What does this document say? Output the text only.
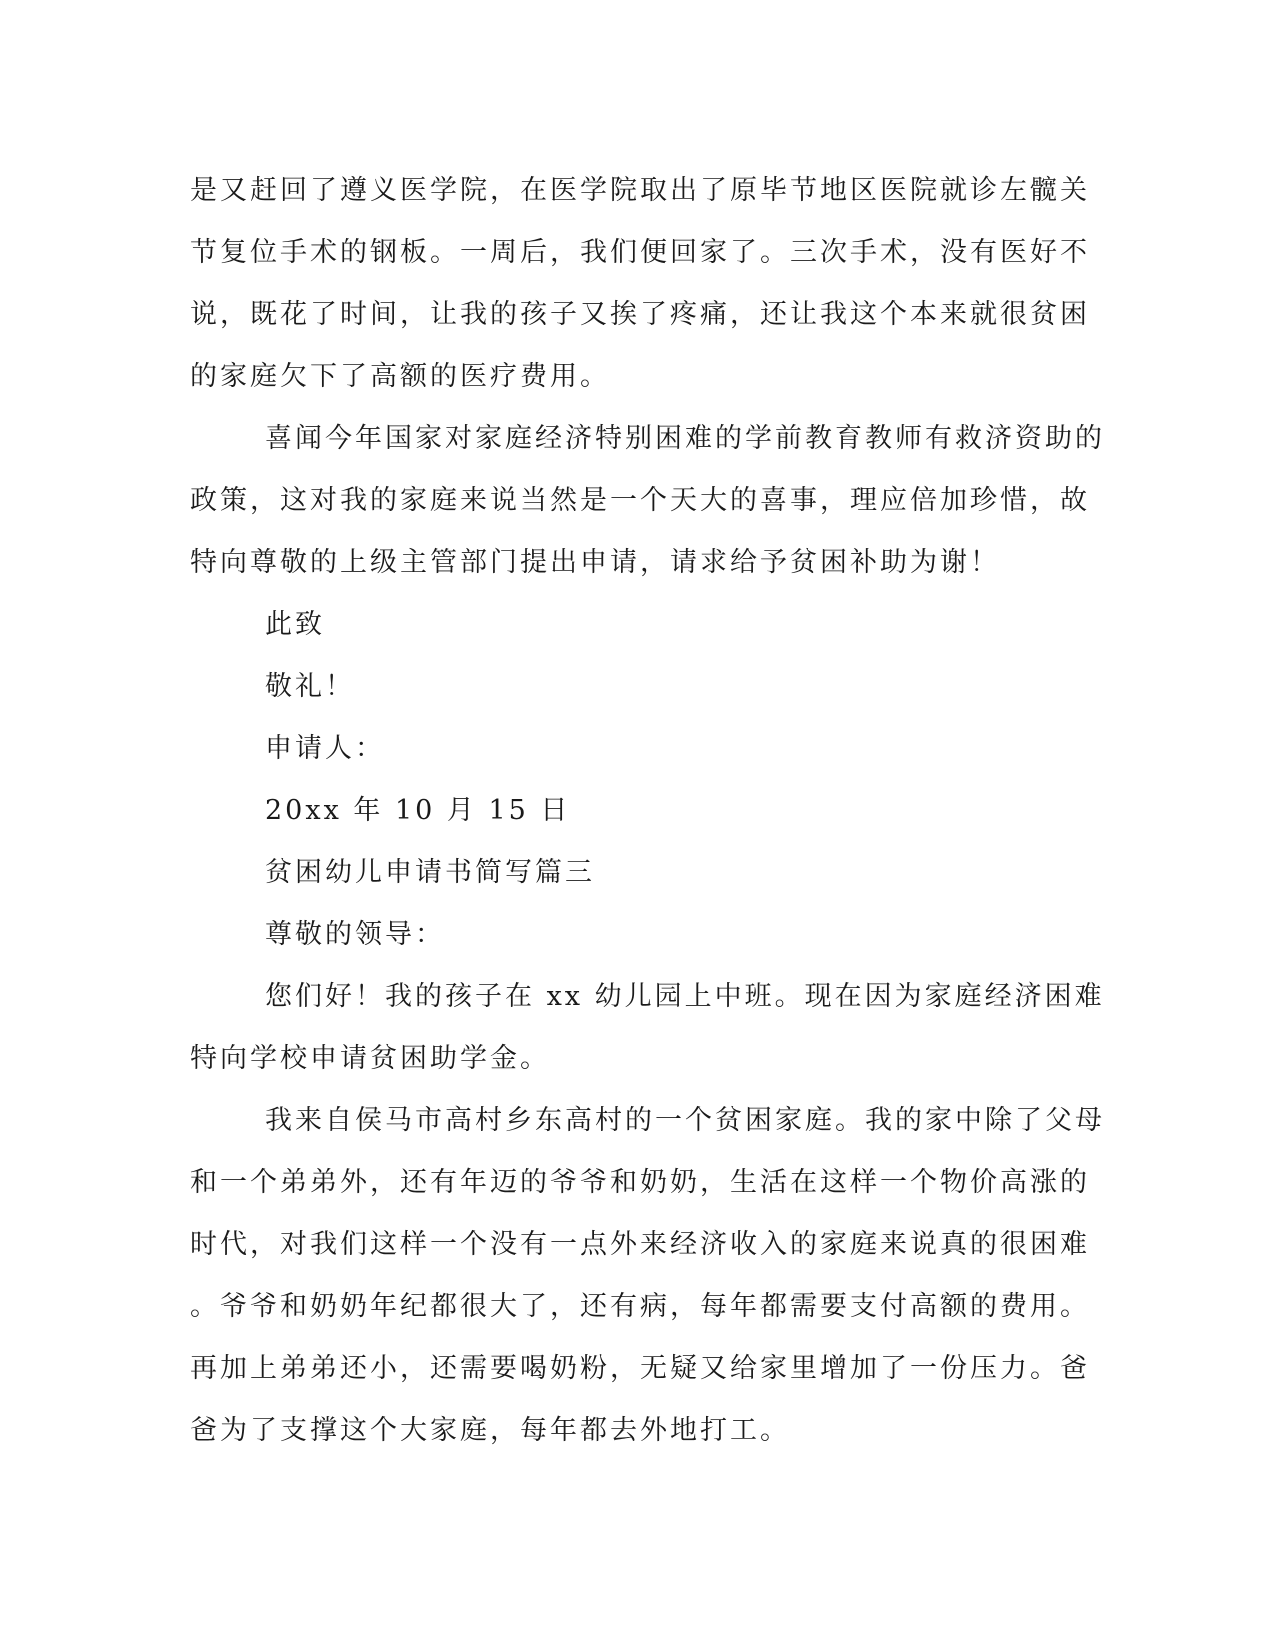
是又赶回了遵义医学院，在医学院取出了原毕节地区医院就诊左髋关

节复位手术的钢板。一周后，我们便回家了。三次手术，没有医好不

说，既花了时间，让我的孩子又挨了疼痛，还让我这个本来就很贫困

的家庭欠下了高额的医疗费用。

喜闻今年国家对家庭经济特别困难的学前教育教师有救济资助的

政策，这对我的家庭来说当然是一个天大的喜事，理应倍加珍惜，故

特向尊敬的上级主管部门提出申请，请求给予贫困补助为谢！

此致

敬礼！

申请人：

20xx 年 10 月 15 日

贫困幼儿申请书简写篇三

尊敬的领导：

您们好！我的孩子在 xx 幼儿园上中班。现在因为家庭经济困难

特向学校申请贫困助学金。

我来自侯马市高村乡东高村的一个贫困家庭。我的家中除了父母

和一个弟弟外，还有年迈的爷爷和奶奶，生活在这样一个物价高涨的

时代，对我们这样一个没有一点外来经济收入的家庭来说真的很困难

。爷爷和奶奶年纪都很大了，还有病，每年都需要支付高额的费用。

再加上弟弟还小，还需要喝奶粉，无疑又给家里增加了一份压力。爸

爸为了支撑这个大家庭，每年都去外地打工。
